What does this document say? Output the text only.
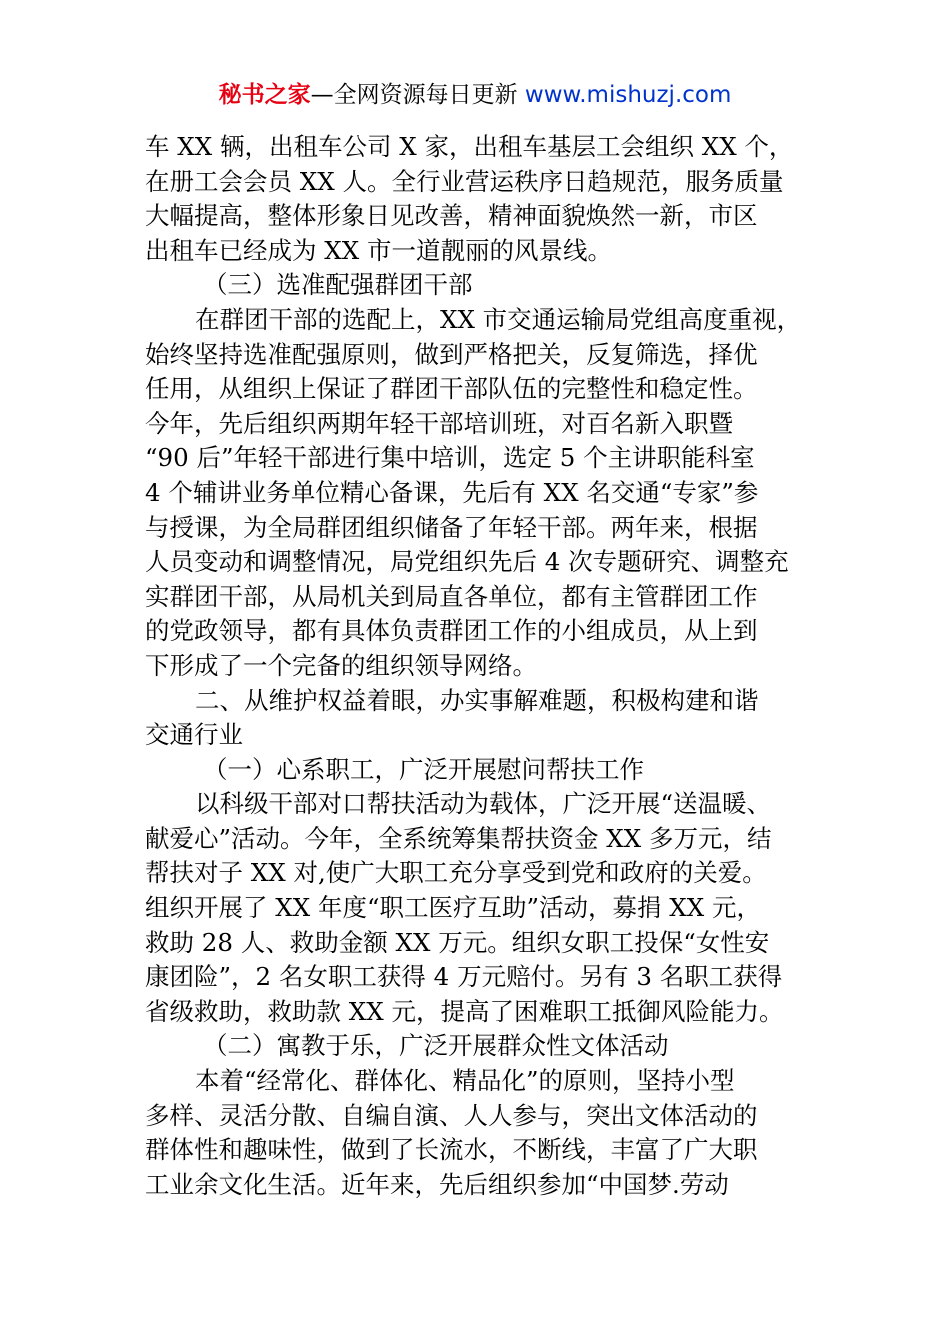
秘书之家—全网资源每日更新 www.mishuzj.com
车 XX 辆，出租车公司 X 家，出租车基层工会组织 XX 个，
在册工会会员 XX 人。全行业营运秩序日趋规范，服务质量
大幅提高，整体形象日见改善，精神面貌焕然一新，市区
出租车已经成为 XX 市一道靓丽的风景线。
（三）选准配强群团干部
在群团干部的选配上，XX 市交通运输局党组高度重视，
始终坚持选准配强原则，做到严格把关，反复筛选，择优
任用，从组织上保证了群团干部队伍的完整性和稳定性。
今年，先后组织两期年轻干部培训班，对百名新入职暨
“90 后”年轻干部进行集中培训，选定 5 个主讲职能科室
4 个辅讲业务单位精心备课，先后有 XX 名交通“专家”参
与授课，为全局群团组织储备了年轻干部。两年来，根据
人员变动和调整情况，局党组织先后 4 次专题研究、调整充
实群团干部，从局机关到局直各单位，都有主管群团工作
的党政领导，都有具体负责群团工作的小组成员，从上到
下形成了一个完备的组织领导网络。
二、从维护权益着眼，办实事解难题，积极构建和谐
交通行业
（一）心系职工，广泛开展慰问帮扶工作
以科级干部对口帮扶活动为载体，广泛开展“送温暖、
献爱心”活动。今年，全系统筹集帮扶资金 XX 多万元，结
帮扶对子 XX 对,使广大职工充分享受到党和政府的关爱。
组织开展了 XX 年度“职工医疗互助”活动，募捐 XX 元，
救助 28 人、救助金额 XX 万元。组织女职工投保“女性安
康团险”，2 名女职工获得 4 万元赔付。另有 3 名职工获得
省级救助，救助款 XX 元，提高了困难职工抵御风险能力。
（二）寓教于乐，广泛开展群众性文体活动
本着“经常化、群体化、精品化”的原则，坚持小型
多样、灵活分散、自编自演、人人参与，突出文体活动的
群体性和趣味性，做到了长流水，不断线，丰富了广大职
工业余文化生活。近年来，先后组织参加“中国梦.劳动
